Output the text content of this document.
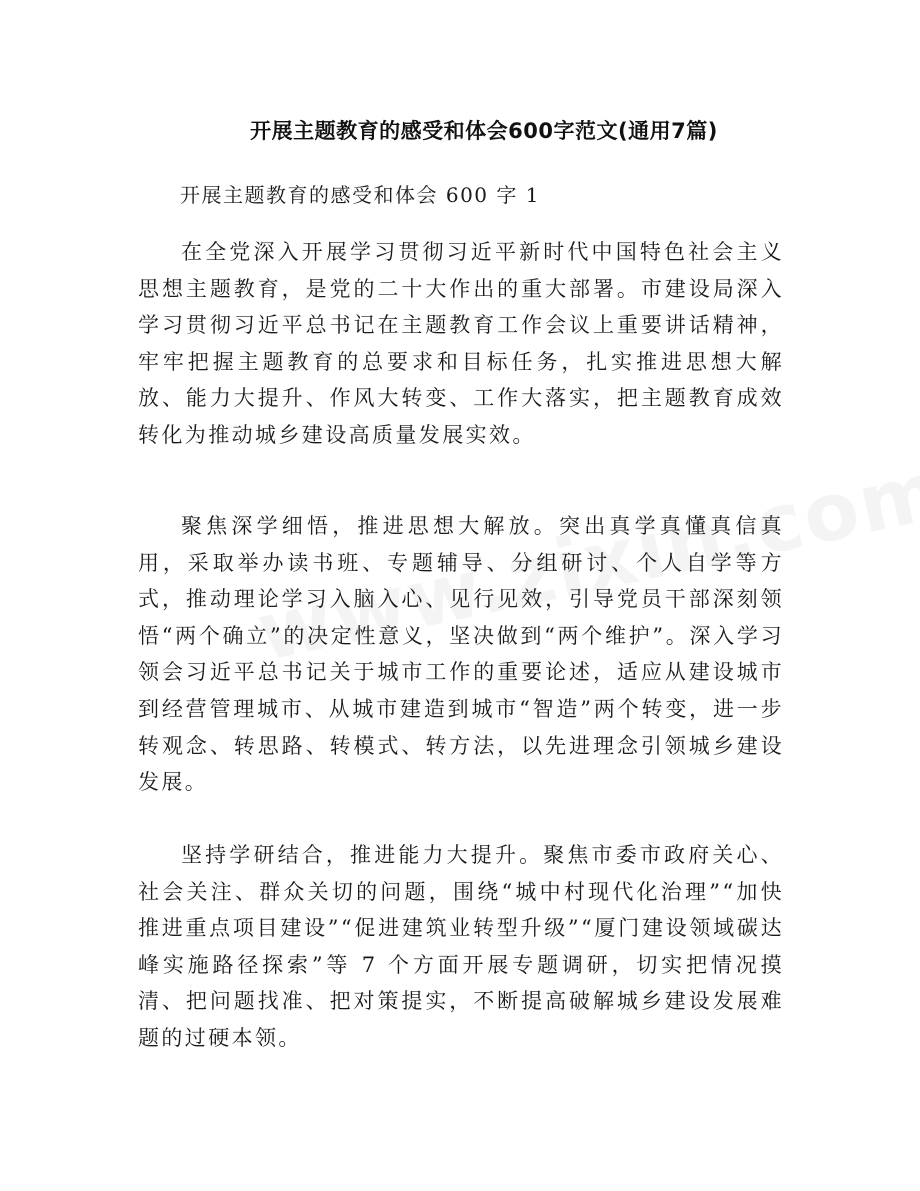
开展主题教育的感受和体会600字范文(通用7篇)
开展主题教育的感受和体会 600 字 1

在全党深入开展学习贯彻习近平新时代中国特色社会主义思想主题教育，是党的二十大作出的重大部署。市建设局深入学习贯彻习近平总书记在主题教育工作会议上重要讲话精神，牢牢把握主题教育的总要求和目标任务，扎实推进思想大解放、能力大提升、作风大转变、工作大落实，把主题教育成效转化为推动城乡建设高质量发展实效。

聚焦深学细悟，推进思想大解放。突出真学真懂真信真用，采取举办读书班、专题辅导、分组研讨、个人自学等方式，推动理论学习入脑入心、见行见效，引导党员干部深刻领悟“两个确立”的决定性意义，坚决做到“两个维护”。深入学习领会习近平总书记关于城市工作的重要论述，适应从建设城市到经营管理城市、从城市建造到城市“智造”两个转变，进一步转观念、转思路、转模式、转方法，以先进理念引领城乡建设发展。

坚持学研结合，推进能力大提升。聚焦市委市政府关心、社会关注、群众关切的问题，围绕“城中村现代化治理”“加快推进重点项目建设”“促进建筑业转型升级”“厦门建设领域碳达峰实施路径探索”等 7 个方面开展专题调研，切实把情况摸清、把问题找准、把对策提实，不断提高破解城乡建设发展难题的过硬本领。
